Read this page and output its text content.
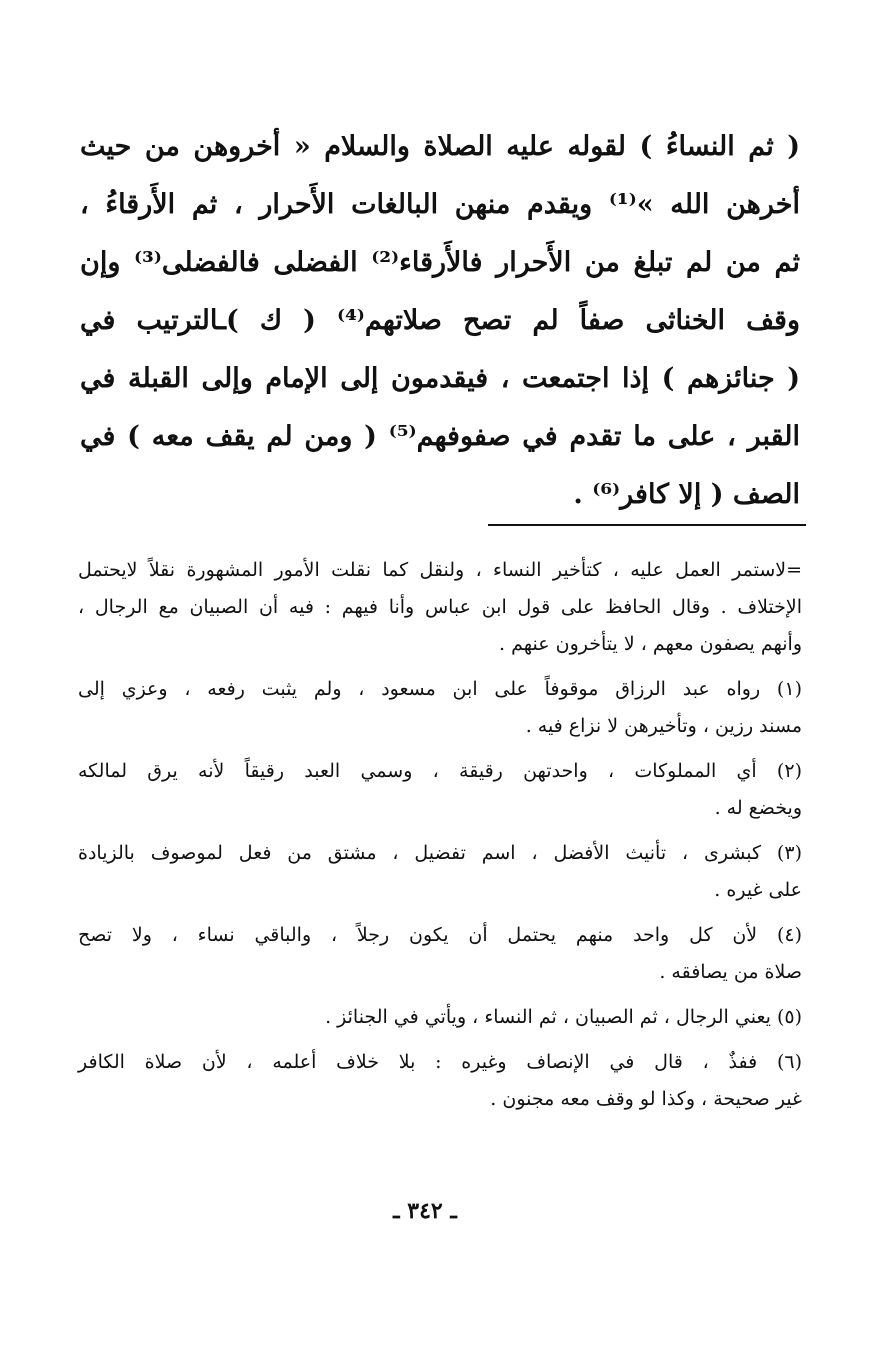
( ثم النساءُ ) لقوله عليه الصلاة والسلام « أخروهن من حيث
أخرهن الله »⁽¹⁾ ويقدم منهن البالغات الأَحرار ، ثم الأَرقاءُ ،
ثم من لم تبلغ من الأَحرار فالأَرقاء⁽²⁾ الفضلى فالفضلى⁽³⁾ وإن
وقف الخناثى صفاً لم تصح صلاتهم⁽⁴⁾ ( ك )ـالترتيب في
( جنائزهم ) إذا اجتمعت ، فيقدمون إلى الإمام وإلى القبلة في
القبر ، على ما تقدم في صفوفهم⁽⁵⁾ ( ومن لم يقف معه ) في
الصف ( إلا كافر⁽⁶⁾ .
=لاستمر العمل عليه ، كتأخير النساء ، ولنقل كما نقلت الأمور المشهورة نقلاً لايحتمل
الإختلاف . وقال الحافظ على قول ابن عباس وأنا فيهم : فيه أن الصبيان مع الرجال ،
وأنهم يصفون معهم ، لا يتأخرون عنهم .
(١) رواه عبد الرزاق موقوفاً على ابن مسعود ، ولم يثبت رفعه ، وعزي إلى
مسند رزين ، وتأخيرهن لا نزاع فيه .
(٢) أي المملوكات ، واحدتهن رقيقة ، وسمي العبد رقيقاً لأنه يرق لمالكه
ويخضع له .
(٣) كبشرى ، تأنيث الأفضل ، اسم تفضيل ، مشتق من فعل لموصوف بالزيادة
على غيره .
(٤) لأن كل واحد منهم يحتمل أن يكون رجلاً ، والباقي نساء ، ولا تصح
صلاة من يصافقه .
(٥) يعني الرجال ، ثم الصبيان ، ثم النساء ، ويأتي في الجنائز .
(٦) ففذٌ ، قال في الإنصاف وغيره : بلا خلاف أعلمه ، لأن صلاة الكافر
غير صحيحة ، وكذا لو وقف معه مجنون .
ـ ٣٤٢ ـ
